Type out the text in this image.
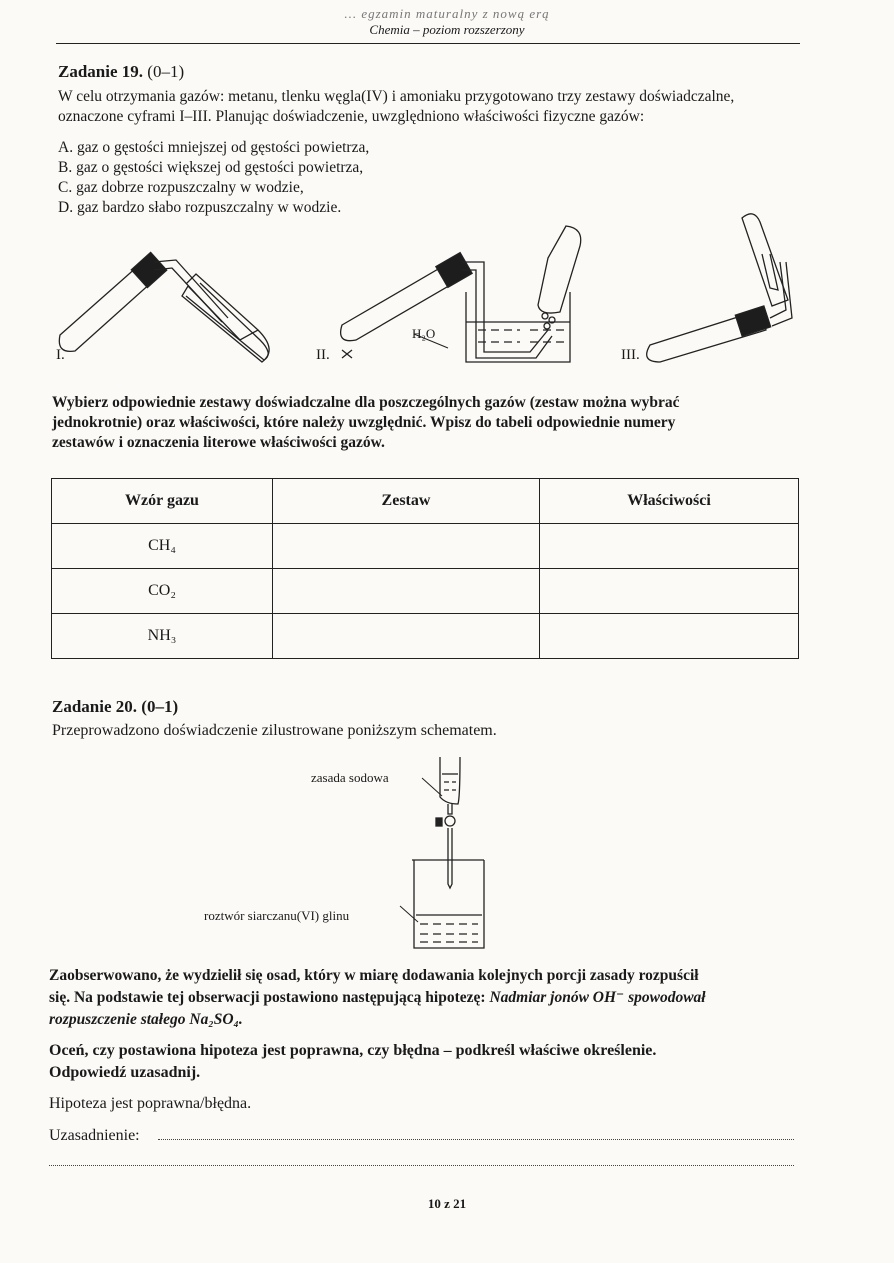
... egzamin maturalny z nową erą
Chemia – poziom rozszerzony
Zadanie 19. (0–1)
W celu otrzymania gazów: metanu, tlenku węgla(IV) i amoniaku przygotowano trzy zestawy doświadczalne,
oznaczone cyframi I–III. Planując doświadczenie, uwzględniono właściwości fizyczne gazów:
A. gaz o gęstości mniejszej od gęstości powietrza,
B. gaz o gęstości większej od gęstości powietrza,
C. gaz dobrze rozpuszczalny w wodzie,
D. gaz bardzo słabo rozpuszczalny w wodzie.
I.	II.	III.
H₂O
Wybierz odpowiednie zestawy doświadczalne dla poszczególnych gazów (zestaw można wybrać
jednokrotnie) oraz właściwości, które należy uwzględnić. Wpisz do tabeli odpowiednie numery
zestawów i oznaczenia literowe właściwości gazów.
Wzór gazu	Zestaw	Właściwości
CH₄		
CO₂		
NH₃		
Zadanie 20. (0–1)
Przeprowadzono doświadczenie zilustrowane poniższym schematem.
zasada sodowa
roztwór siarczanu(VI) glinu
Zaobserwowano, że wydzielił się osad, który w miarę dodawania kolejnych porcji zasady rozpuścił
się. Na podstawie tej obserwacji postawiono następującą hipotezę: Nadmiar jonów OH⁻ spowodował
rozpuszczenie stałego Na₂SO₄.
Oceń, czy postawiona hipoteza jest poprawna, czy błędna – podkreśl właściwe określenie.
Odpowiedź uzasadnij.
Hipoteza jest poprawna/błędna.
Uzasadnienie:
10 z 21
